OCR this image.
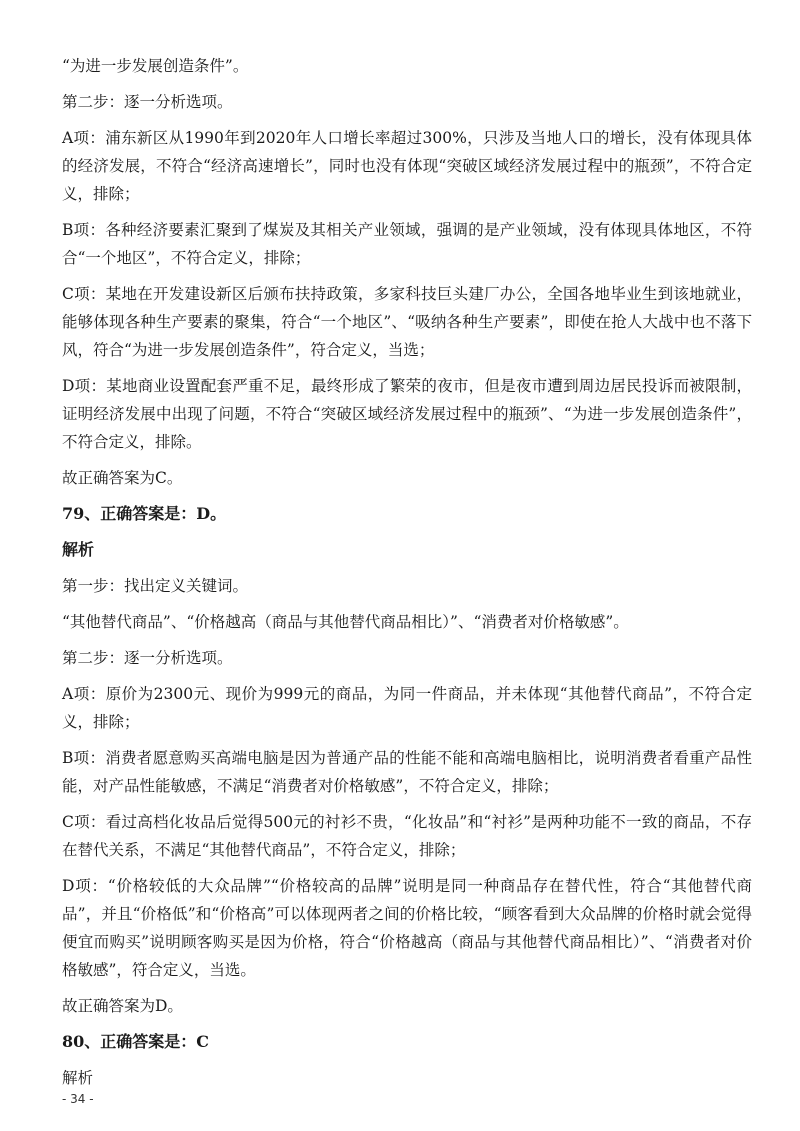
“为进一步发展创造条件”。

第二步：逐一分析选项。

A项：浦东新区从1990年到2020年人口增长率超过300%，只涉及当地人口的增长，没有体现具体的经济发展，不符合“经济高速增长”，同时也没有体现“突破区域经济发展过程中的瓶颈”，不符合定义，排除；

B项：各种经济要素汇聚到了煤炭及其相关产业领域，强调的是产业领域，没有体现具体地区，不符合“一个地区”，不符合定义，排除；

C项：某地在开发建设新区后颁布扶持政策，多家科技巨头建厂办公，全国各地毕业生到该地就业，能够体现各种生产要素的聚集，符合“一个地区”、“吸纳各种生产要素”，即使在抢人大战中也不落下风，符合“为进一步发展创造条件”，符合定义，当选；

D项：某地商业设置配套严重不足，最终形成了繁荣的夜市，但是夜市遭到周边居民投诉而被限制，证明经济发展中出现了问题，不符合“突破区域经济发展过程中的瓶颈”、“为进一步发展创造条件”，不符合定义，排除。

故正确答案为C。

79、正确答案是：D。

解析

第一步：找出定义关键词。

“其他替代商品”、“价格越高（商品与其他替代商品相比）”、“消费者对价格敏感”。

第二步：逐一分析选项。

A项：原价为2300元、现价为999元的商品，为同一件商品，并未体现“其他替代商品”，不符合定义，排除；

B项：消费者愿意购买高端电脑是因为普通产品的性能不能和高端电脑相比，说明消费者看重产品性能，对产品性能敏感，不满足“消费者对价格敏感”，不符合定义，排除；

C项：看过高档化妆品后觉得500元的衬衫不贵，“化妆品”和“衬衫”是两种功能不一致的商品，不存在替代关系，不满足“其他替代商品”，不符合定义，排除；

D项：“价格较低的大众品牌”“价格较高的品牌”说明是同一种商品存在替代性，符合“其他替代商品”，并且“价格低”和“价格高”可以体现两者之间的价格比较，“顾客看到大众品牌的价格时就会觉得便宜而购买”说明顾客购买是因为价格，符合“价格越高（商品与其他替代商品相比）”、“消费者对价格敏感”，符合定义，当选。

故正确答案为D。

80、正确答案是：C

解析

- 34 -
